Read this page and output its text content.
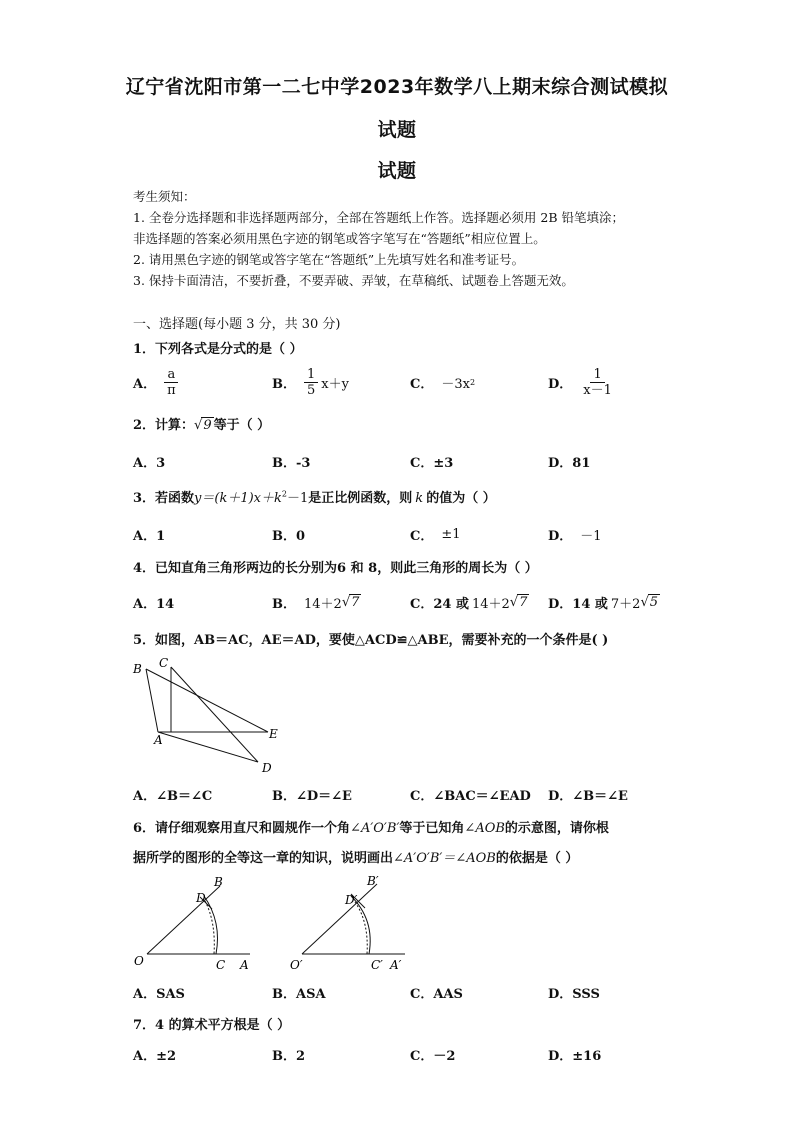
辽宁省沈阳市第一二七中学2023年数学八上期末综合测试模拟
试题
试题
考生须知：
1. 全卷分选择题和非选择题两部分，全部在答题纸上作答。选择题必须用 2B 铅笔填涂；
非选择题的答案必须用黑色字迹的钢笔或答字笔写在“答题纸”相应位置上。
2. 请用黑色字迹的钢笔或答字笔在“答题纸”上先填写姓名和准考证号。
3. 保持卡面清洁，不要折叠，不要弄破、弄皱，在草稿纸、试题卷上答题无效。
一、选择题(每小题 3 分，共 30 分)
1．下列各式是分式的是（ ）
A． $\frac{a}{\pi}$	B． $\frac{1}{5} x+y$	C． －3x 2	D． $\frac{1}{x-1}$
2．计算：√9 等于（ ）
A．3	B．-3	C．±3	D．81
3．若函数$y=(k+1)x+k^2-1$是正比例函数，则 k 的值为（ ）
A．1	B．0	C． ±1	D． －1
4．已知直角三角形两边的长分别为6 和 8，则此三角形的周长为（ ）
A．14	B． 14＋2 √ 7	C．24 或 14＋2 √ 7 D．14 或 7＋2 √ 5
5．如图，AB＝AC，AE＝AD，要使△ACD≌△ABE，需要补充的一个条件是( )
B C
A	E
D
A．∠B＝∠C	B．∠D＝∠E	C．∠BAC＝∠EAD D．∠B＝∠E
6．请仔细观察用直尺和圆规作一个角∠A′O′B′等于已知角∠AOB的示意图，请你根
据所学的图形的全等这一章的知识，说明画出∠A′O′B′＝∠AOB的依据是（ ）
B
D
O	C A
B′
D′
O′	C′ A′
A．SAS	B．ASA	C．AAS	D．SSS
7．4 的算术平方根是（ ）
A．±2	B．2	C．－2	D．±16
